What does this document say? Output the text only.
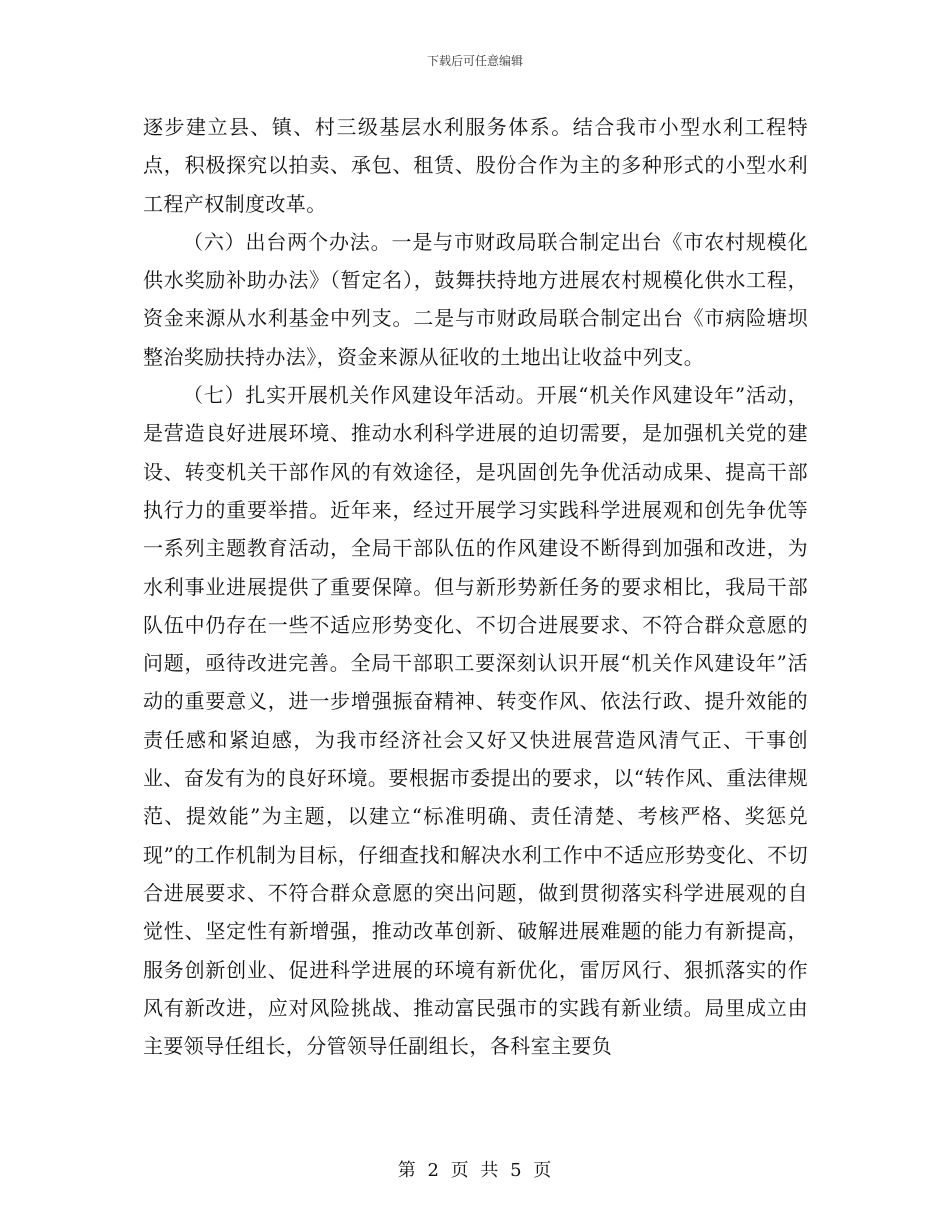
下载后可任意编辑

逐步建立县、镇、村三级基层水利服务体系。结合我市小型水利工程特点，积极探究以拍卖、承包、租赁、股份合作为主的多种形式的小型水利工程产权制度改革。

（六）出台两个办法。一是与市财政局联合制定出台《市农村规模化供水奖励补助办法》（暂定名），鼓舞扶持地方进展农村规模化供水工程，资金来源从水利基金中列支。二是与市财政局联合制定出台《市病险塘坝整治奖励扶持办法》，资金来源从征收的土地出让收益中列支。

（七）扎实开展机关作风建设年活动。开展“机关作风建设年”活动，是营造良好进展环境、推动水利科学进展的迫切需要，是加强机关党的建设、转变机关干部作风的有效途径，是巩固创先争优活动成果、提高干部执行力的重要举措。近年来，经过开展学习实践科学进展观和创先争优等一系列主题教育活动，全局干部队伍的作风建设不断得到加强和改进，为水利事业进展提供了重要保障。但与新形势新任务的要求相比，我局干部队伍中仍存在一些不适应形势变化、不切合进展要求、不符合群众意愿的问题，亟待改进完善。全局干部职工要深刻认识开展“机关作风建设年”活动的重要意义，进一步增强振奋精神、转变作风、依法行政、提升效能的责任感和紧迫感，为我市经济社会又好又快进展营造风清气正、干事创业、奋发有为的良好环境。要根据市委提出的要求，以“转作风、重法律规范、提效能”为主题，以建立“标准明确、责任清楚、考核严格、奖惩兑现”的工作机制为目标，仔细查找和解决水利工作中不适应形势变化、不切合进展要求、不符合群众意愿的突出问题，做到贯彻落实科学进展观的自觉性、坚定性有新增强，推动改革创新、破解进展难题的能力有新提高，服务创新创业、促进科学进展的环境有新优化，雷厉风行、狠抓落实的作风有新改进，应对风险挑战、推动富民强市的实践有新业绩。局里成立由主要领导任组长，分管领导任副组长，各科室主要负

第 2 页 共 5 页
